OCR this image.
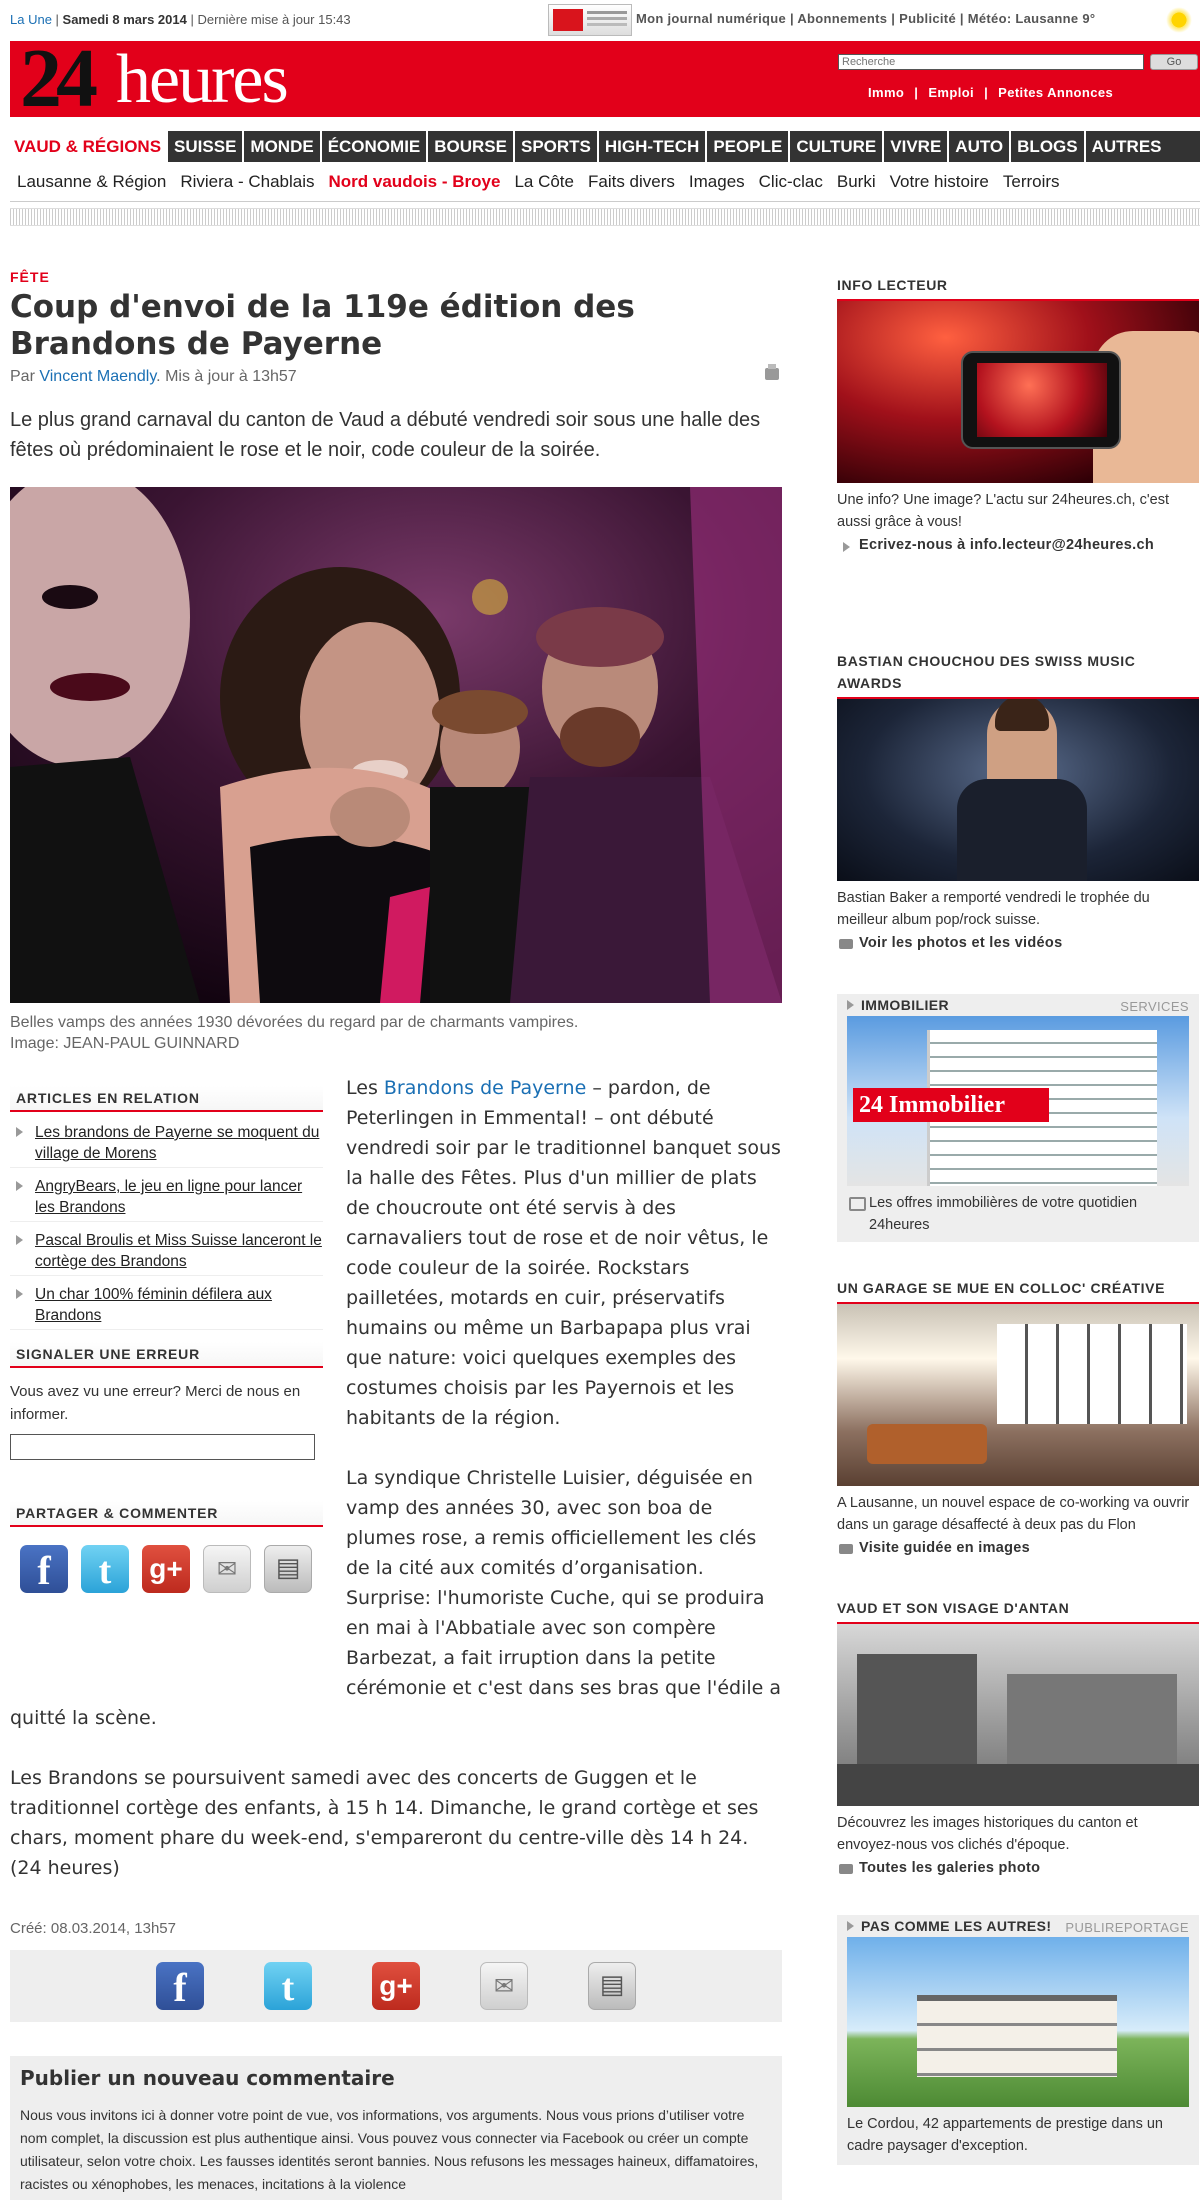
La Une | Samedi 8 mars 2014 | Dernière mise à jour 15:43	Mon journal numérique | Abonnements | Publicité | Météo: Lausanne 9°
24 heures
Recherche	Go
Immo | Emploi | Petites Annonces
VAUD & RÉGIONS SUISSE MONDE ÉCONOMIE BOURSE SPORTS HIGH-TECH PEOPLE CULTURE VIVRE AUTO BLOGS AUTRES
Lausanne & Région Riviera - Chablais Nord vaudois - Broye La Côte Faits divers Images Clic-clac Burki Votre histoire Terroirs
FÊTE
Coup d'envoi de la 119e édition des Brandons de Payerne
Par Vincent Maendly. Mis à jour à 13h57

Le plus grand carnaval du canton de Vaud a débuté vendredi soir sous une halle des fêtes où prédominaient le rose et le noir, code couleur de la soirée.

Belles vamps des années 1930 dévorées du regard par de charmants vampires.
Image: JEAN-PAUL GUINNARD

Les Brandons de Payerne – pardon, de Peterlingen in Emmental! – ont débuté vendredi soir par le traditionnel banquet sous la halle des Fêtes. Plus d'un millier de plats de choucroute ont été servis à des carnavaliers tout de rose et de noir vêtus, le code couleur de la soirée. Rockstars pailletées, motards en cuir, préservatifs humains ou même un Barbapapa plus vrai que nature: voici quelques exemples des costumes choisis par les Payernois et les habitants de la région.

La syndique Christelle Luisier, déguisée en vamp des années 30, avec son boa de plumes rose, a remis officiellement les clés de la cité aux comités d’organisation. Surprise: l'humoriste Cuche, qui se produira en mai à l'Abbatiale avec son compère Barbezat, a fait irruption dans la petite cérémonie et c'est dans ses bras que l'édile a quitté la scène.

Les Brandons se poursuivent samedi avec des concerts de Guggen et le traditionnel cortège des enfants, à 15 h 14. Dimanche, le grand cortège et ses chars, moment phare du week-end, s'empareront du centre-ville dès 14 h 24.
(24 heures)

ARTICLES EN RELATION
Les brandons de Payerne se moquent du village de Morens
AngryBears, le jeu en ligne pour lancer les Brandons
Pascal Broulis et Miss Suisse lanceront le cortège des Brandons
Un char 100% féminin défilera aux Brandons
SIGNALER UNE ERREUR

Vous avez vu une erreur? Merci de nous en informer.

PARTAGER & COMMENTER
f	t	g+	✉	▤
Créé: 08.03.2014, 13h57
f	t	g+	✉	▤
Publier un nouveau commentaire

Nous vous invitons ici à donner votre point de vue, vos informations, vos arguments. Nous vous prions d’utiliser votre nom complet, la discussion est plus authentique ainsi. Vous pouvez vous connecter via Facebook ou créer un compte utilisateur, selon votre choix. Les fausses identités seront bannies. Nous refusons les messages haineux, diffamatoires, racistes ou xénophobes, les menaces, incitations à la violence

INFO LECTEUR
Une info? Une image? L'actu sur 24heures.ch, c'est aussi grâce à vous!
Ecrivez-nous à info.lecteur@24heures.ch
BASTIAN CHOUCHOU DES SWISS MUSIC AWARDS
Bastian Baker a remporté vendredi le trophée du meilleur album pop/rock suisse.
Voir les photos et les vidéos
IMMOBILIER	SERVICES
24 Immobilier
Les offres immobilières de votre quotidien 24heures
UN GARAGE SE MUE EN COLLOC' CRÉATIVE
A Lausanne, un nouvel espace de co-working va ouvrir dans un garage désaffecté à deux pas du Flon
Visite guidée en images
VAUD ET SON VISAGE D'ANTAN
Découvrez les images historiques du canton et envoyez-nous vos clichés d'époque.
Toutes les galeries photo
PAS COMME LES AUTRES! PUBLIREPORTAGE
Le Cordou, 42 appartements de prestige dans un cadre paysager d'exception.
